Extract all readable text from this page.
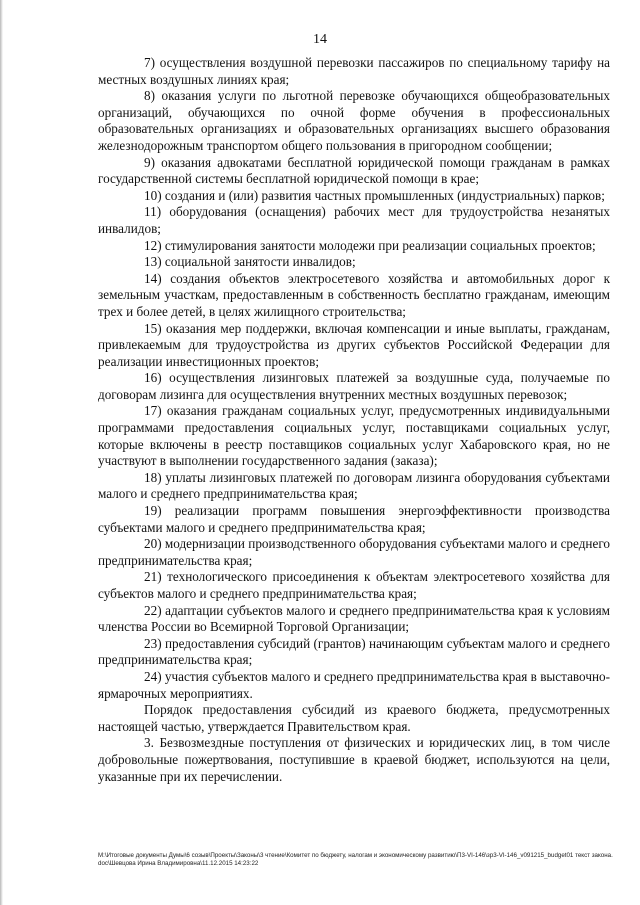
14

7) осуществления воздушной перевозки пассажиров по специальному тарифу на местных воздушных линиях края;

8) оказания услуги по льготной перевозке обучающихся общеобразовательных организаций, обучающихся по очной форме обучения в профессиональных образовательных организациях и образовательных организациях высшего образования железнодорожным транспортом общего пользования в пригородном сообщении;

9) оказания адвокатами бесплатной юридической помощи гражданам в рамках государственной системы бесплатной юридической помощи в крае;

10) создания и (или) развития частных промышленных (индустриальных) парков;

11) оборудования (оснащения) рабочих мест для трудоустройства незанятых инвалидов;

12) стимулирования занятости молодежи при реализации социальных проектов;

13) социальной занятости инвалидов;

14) создания объектов электросетевого хозяйства и автомобильных дорог к земельным участкам, предоставленным в собственность бесплатно гражданам, имеющим трех и более детей, в целях жилищного строительства;

15) оказания мер поддержки, включая компенсации и иные выплаты, гражданам, привлекаемым для трудоустройства из других субъектов Российской Федерации для реализации инвестиционных проектов;

16) осуществления лизинговых платежей за воздушные суда, получаемые по договорам лизинга для осуществления внутренних местных воздушных перевозок;

17) оказания гражданам социальных услуг, предусмотренных индивидуальными программами предоставления социальных услуг, поставщиками социальных услуг, которые включены в реестр поставщиков социальных услуг Хабаровского края, но не участвуют в выполнении государственного задания (заказа);

18) уплаты лизинговых платежей по договорам лизинга оборудования субъектами малого и среднего предпринимательства края;

19) реализации программ повышения энергоэффективности производства субъектами малого и среднего предпринимательства края;

20) модернизации производственного оборудования субъектами малого и среднего предпринимательства края;

21) технологического присоединения к объектам электросетевого хозяйства для субъектов малого и среднего предпринимательства края;

22) адаптации субъектов малого и среднего предпринимательства края к условиям членства России во Всемирной Торговой Организации;

23) предоставления субсидий (грантов) начинающим субъектам малого и среднего предпринимательства края;

24) участия субъектов малого и среднего предпринимательства края в выставочно-ярмарочных мероприятиях.

Порядок предоставления субсидий из краевого бюджета, предусмотренных настоящей частью, утверждается Правительством края.

3. Безвозмездные поступления от физических и юридических лиц, в том числе добровольные пожертвования, поступившие в краевой бюджет, используются на цели, указанные при их перечислении.

M:\Итоговые документы Думы\6 созыв\Проекты\Законы\3 чтение\Комитет по бюджету, налогам и экономическому развитию\П3-VI-146\зр3-VI-146_v091215_budget01 текст закона.doc\Шевцова Ирина Владимировна\11.12.2015 14:23:22
